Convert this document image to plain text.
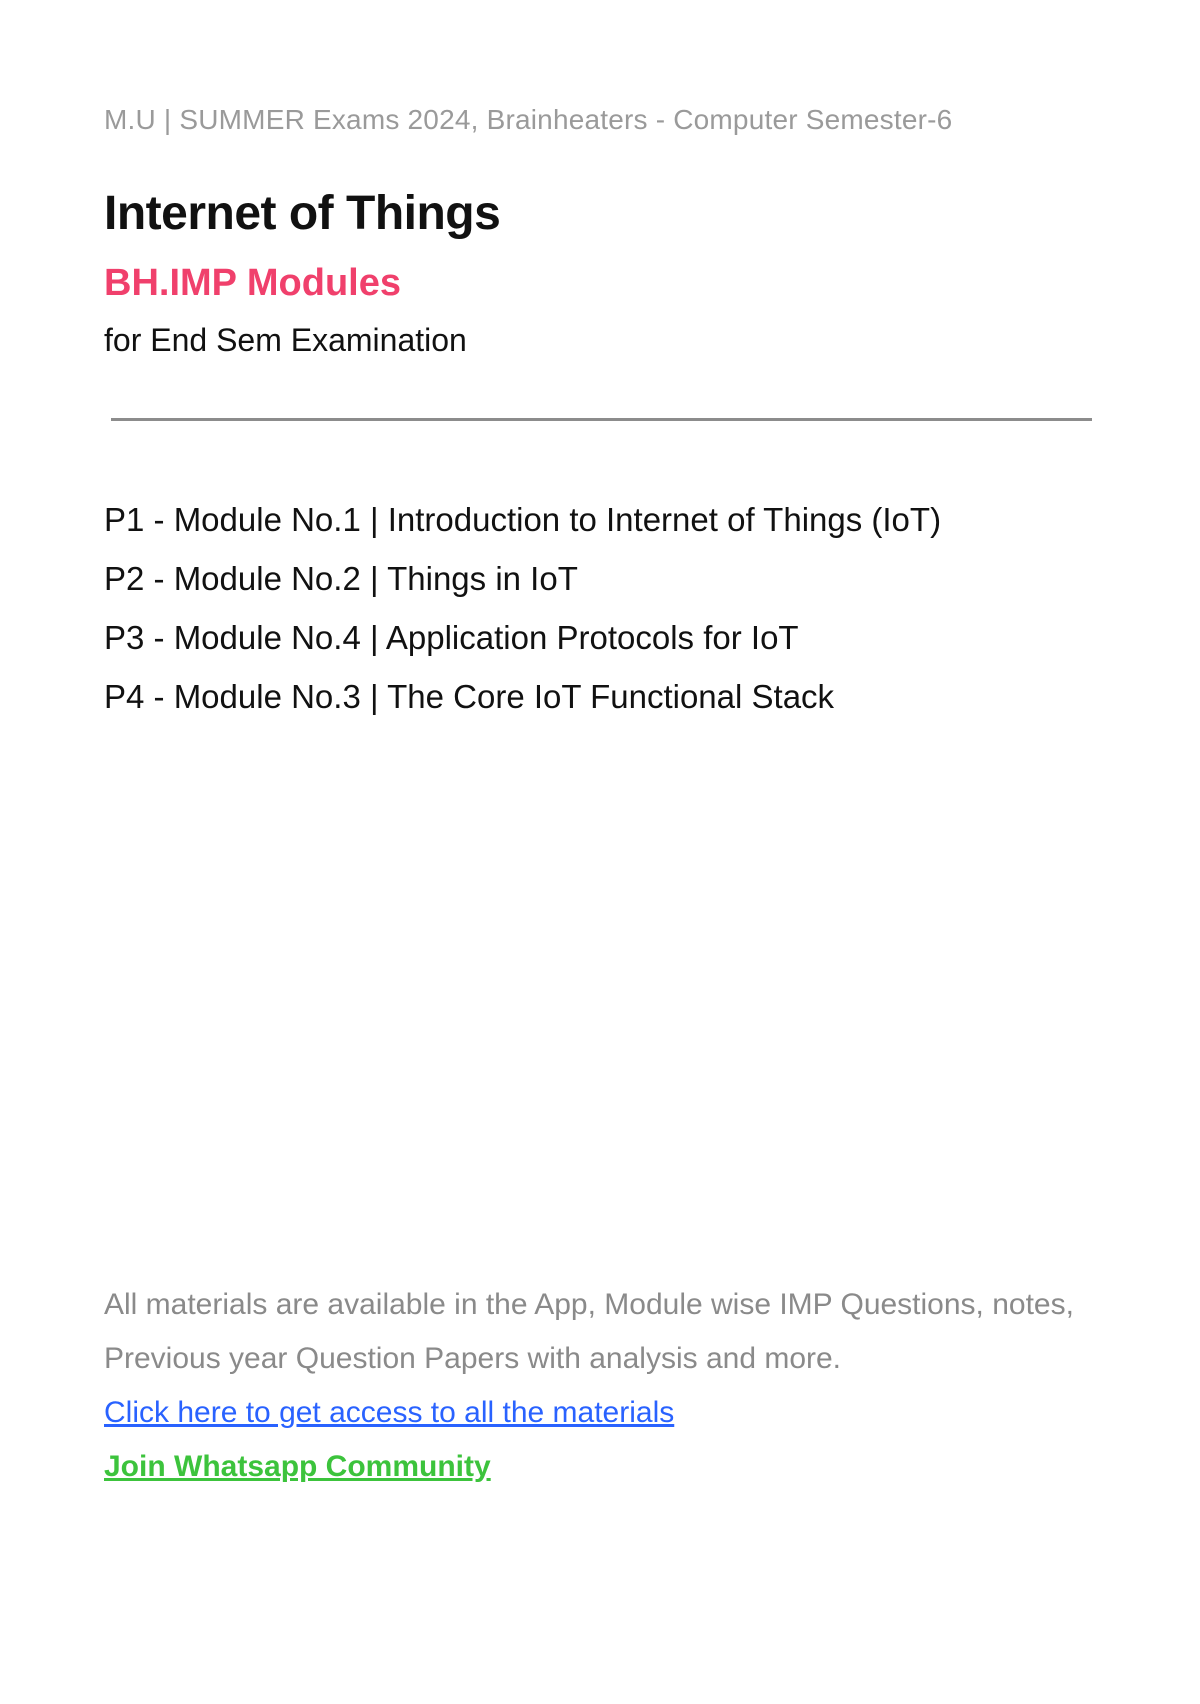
M.U | SUMMER Exams 2024, Brainheaters - Computer Semester-6
Internet of Things
BH.IMP Modules
for End Sem Examination
P1 - Module No.1 | Introduction to Internet of Things (IoT)
P2 - Module No.2 | Things in IoT
P3 - Module No.4 | Application Protocols for IoT
P4 - Module No.3 | The Core IoT Functional Stack

All materials are available in the App, Module wise IMP Questions, notes, Previous year Question Papers with analysis and more.

Click here to get access to all the materials
Join Whatsapp Community
